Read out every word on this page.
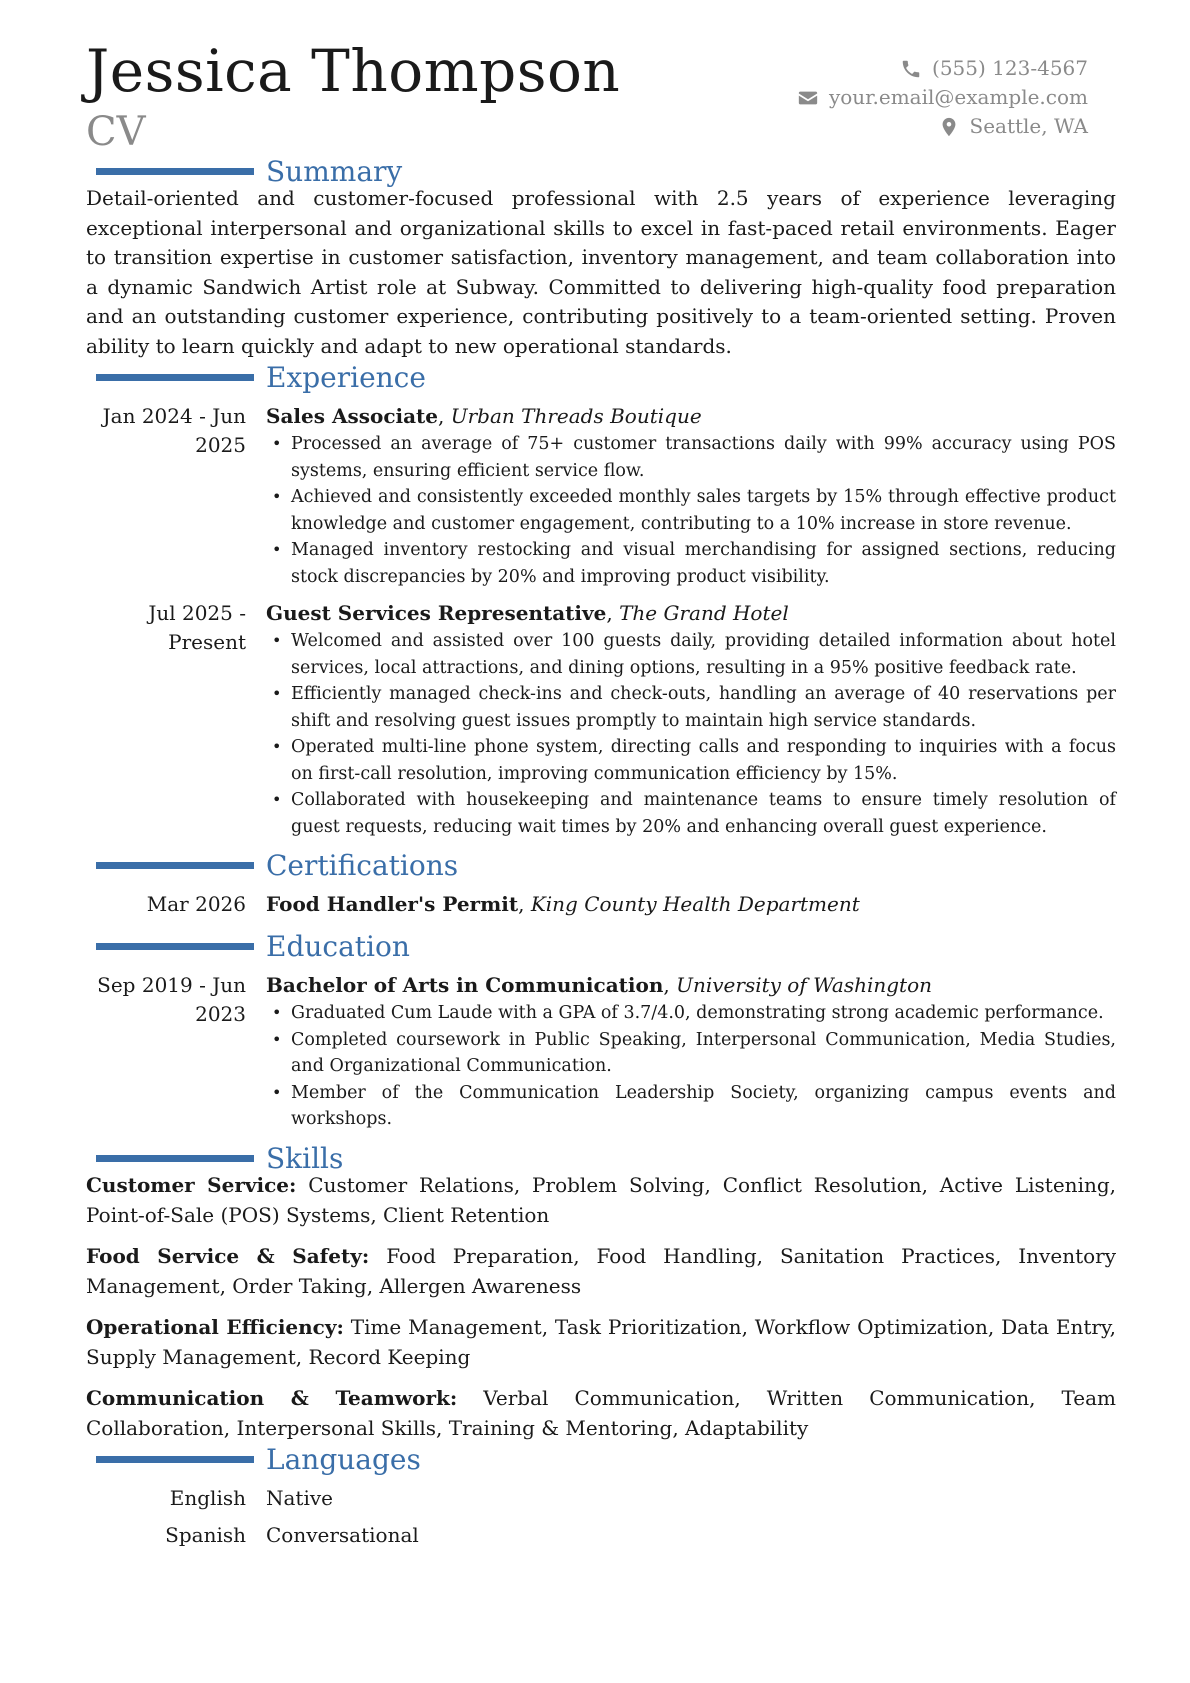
Jessica Thompson
CV
(555) 123-4567
your.email@example.com
Seattle, WA
Summary
Detail-oriented and customer-focused professional with 2.5 years of experience leveraging exceptional interpersonal and organizational skills to excel in fast-paced retail environments. Eager to transition expertise in customer satisfaction, inventory management, and team collaboration into a dynamic Sandwich Artist role at Subway. Committed to delivering high-quality food preparation and an outstanding customer experience, contributing positively to a team-oriented setting. Proven ability to learn quickly and adapt to new operational standards.
Experience
Jan 2024 - Jun 2025
Sales Associate, Urban Threads Boutique
• Processed an average of 75+ customer transactions daily with 99% accuracy using POS systems, ensuring efficient service flow.
• Achieved and consistently exceeded monthly sales targets by 15% through effective product knowledge and customer engagement, contributing to a 10% increase in store revenue.
• Managed inventory restocking and visual merchandising for assigned sections, reducing stock discrepancies by 20% and improving product visibility.
Jul 2025 - Present
Guest Services Representative, The Grand Hotel
• Welcomed and assisted over 100 guests daily, providing detailed information about hotel services, local attractions, and dining options, resulting in a 95% positive feedback rate.
• Efficiently managed check-ins and check-outs, handling an average of 40 reservations per shift and resolving guest issues promptly to maintain high service standards.
• Operated multi-line phone system, directing calls and responding to inquiries with a focus on first-call resolution, improving communication efficiency by 15%.
• Collaborated with housekeeping and maintenance teams to ensure timely resolution of guest requests, reducing wait times by 20% and enhancing overall guest experience.
Certifications
Mar 2026 Food Handler's Permit, King County Health Department
Education
Sep 2019 - Jun 2023
Bachelor of Arts in Communication, University of Washington
• Graduated Cum Laude with a GPA of 3.7/4.0, demonstrating strong academic performance.
• Completed coursework in Public Speaking, Interpersonal Communication, Media Studies, and Organizational Communication.
• Member of the Communication Leadership Society, organizing campus events and workshops.
Skills
Customer Service: Customer Relations, Problem Solving, Conflict Resolution, Active Listening, Point-of-Sale (POS) Systems, Client Retention
Food Service & Safety: Food Preparation, Food Handling, Sanitation Practices, Inventory Management, Order Taking, Allergen Awareness
Operational Efficiency: Time Management, Task Prioritization, Workflow Optimization, Data Entry, Supply Management, Record Keeping
Communication & Teamwork: Verbal Communication, Written Communication, Team Collaboration, Interpersonal Skills, Training & Mentoring, Adaptability
Languages
English Native
Spanish Conversational
